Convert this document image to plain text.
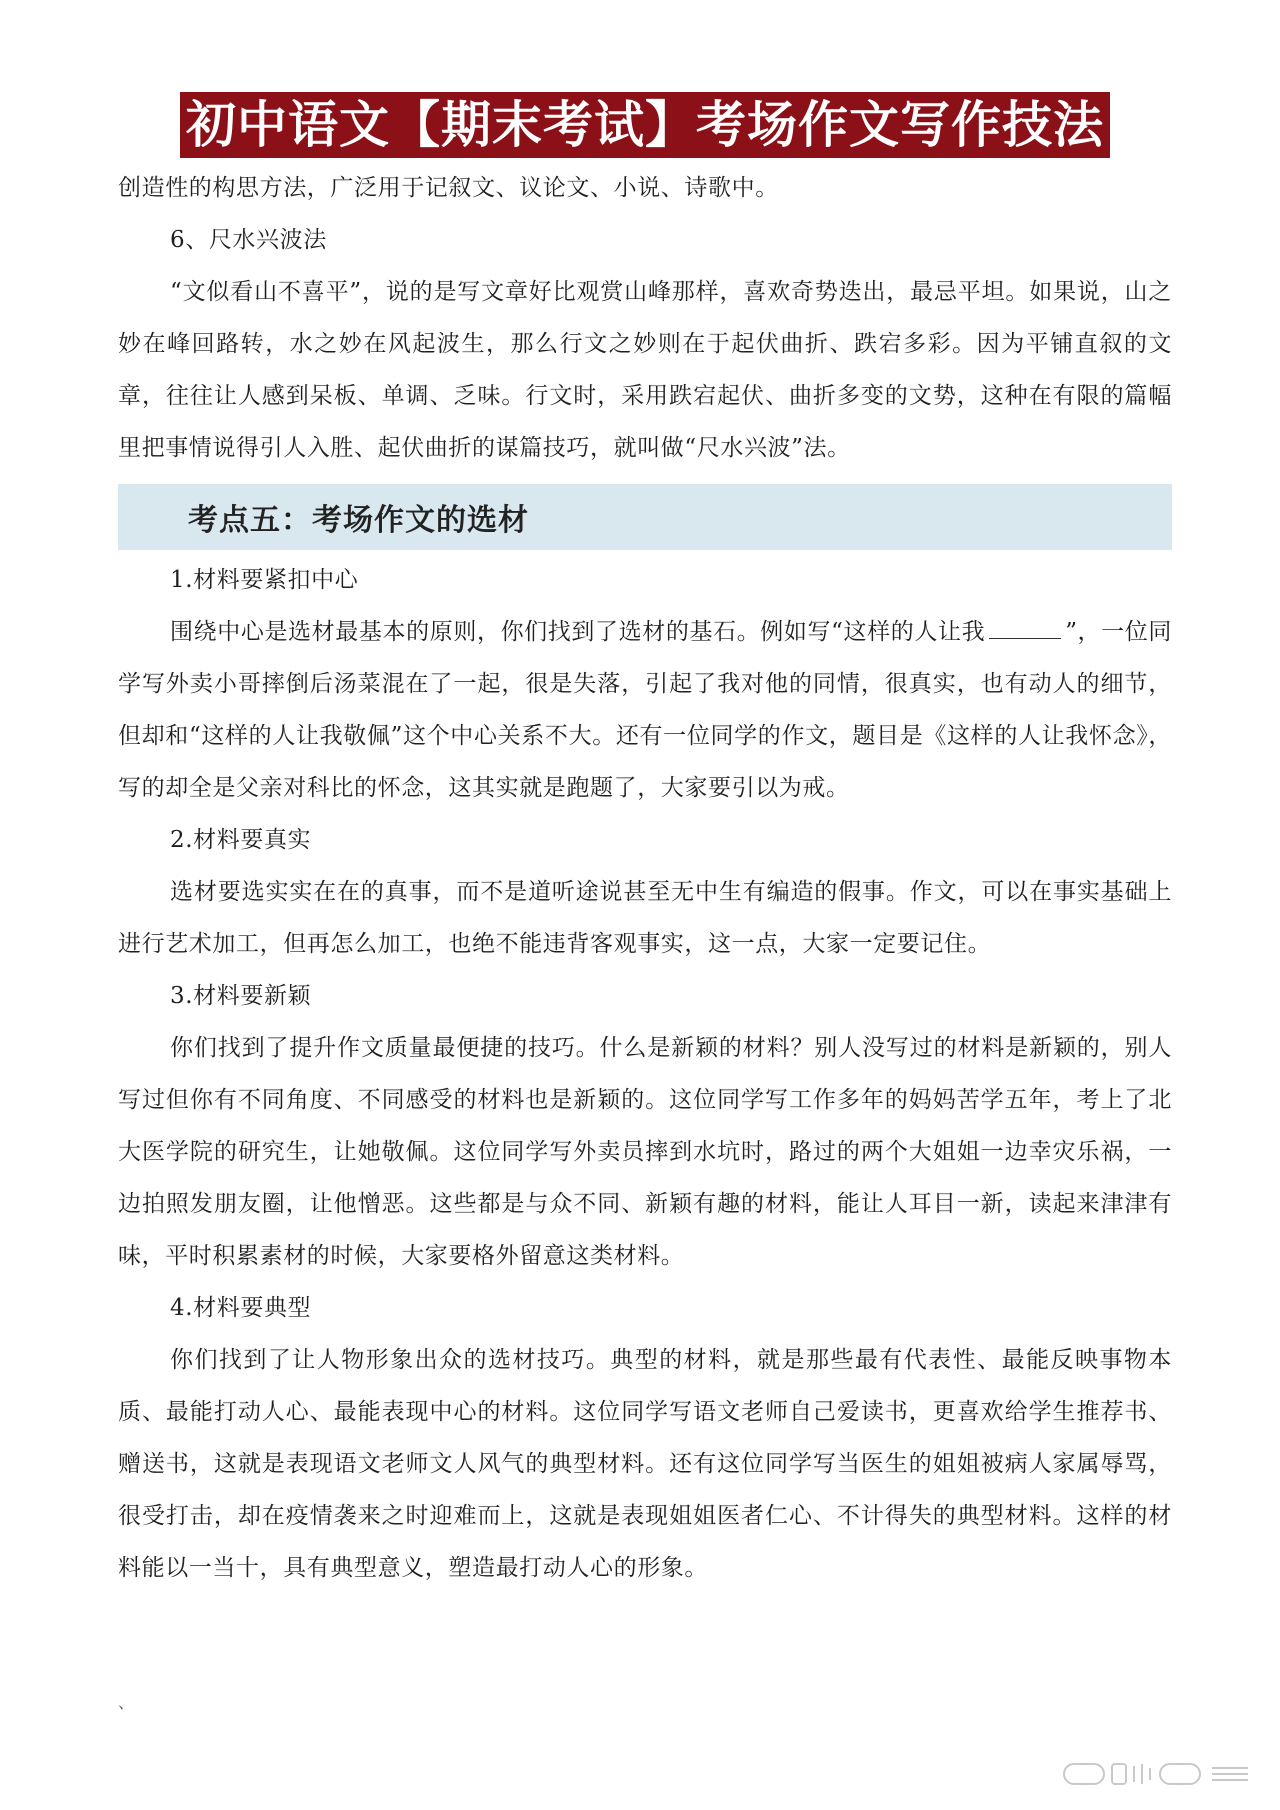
初中语文【期末考试】考场作文写作技法

创造性的构思方法，广泛用于记叙文、议论文、小说、诗歌中。

6、尺水兴波法

“文似看山不喜平”，说的是写文章好比观赏山峰那样，喜欢奇势迭出，最忌平坦。如果说，山之妙在峰回路转，水之妙在风起波生，那么行文之妙则在于起伏曲折、跌宕多彩。因为平铺直叙的文章，往往让人感到呆板、单调、乏味。行文时，采用跌宕起伏、曲折多变的文势，这种在有限的篇幅里把事情说得引人入胜、起伏曲折的谋篇技巧，就叫做“尺水兴波”法。

考点五：考场作文的选材

1.材料要紧扣中心

围绕中心是选材最基本的原则，你们找到了选材的基石。例如写“这样的人让我	”，一位同学写外卖小哥摔倒后汤菜混在了一起，很是失落，引起了我对他的同情，很真实，也有动人的细节，但却和“这样的人让我敬佩”这个中心关系不大。还有一位同学的作文，题目是《这样的人让我怀念》，写的却全是父亲对科比的怀念，这其实就是跑题了，大家要引以为戒。

2.材料要真实

选材要选实实在在的真事，而不是道听途说甚至无中生有编造的假事。作文，可以在事实基础上进行艺术加工，但再怎么加工，也绝不能违背客观事实，这一点，大家一定要记住。

3.材料要新颖

你们找到了提升作文质量最便捷的技巧。什么是新颖的材料？别人没写过的材料是新颖的，别人写过但你有不同角度、不同感受的材料也是新颖的。这位同学写工作多年的妈妈苦学五年，考上了北大医学院的研究生，让她敬佩。这位同学写外卖员摔到水坑时，路过的两个大姐姐一边幸灾乐祸，一边拍照发朋友圈，让他憎恶。这些都是与众不同、新颖有趣的材料，能让人耳目一新，读起来津津有味，平时积累素材的时候，大家要格外留意这类材料。

4.材料要典型

你们找到了让人物形象出众的选材技巧。典型的材料，就是那些最有代表性、最能反映事物本质、最能打动人心、最能表现中心的材料。这位同学写语文老师自己爱读书，更喜欢给学生推荐书、赠送书，这就是表现语文老师文人风气的典型材料。还有这位同学写当医生的姐姐被病人家属辱骂，很受打击，却在疫情袭来之时迎难而上，这就是表现姐姐医者仁心、不计得失的典型材料。这样的材料能以一当十，具有典型意义，塑造最打动人心的形象。

、
